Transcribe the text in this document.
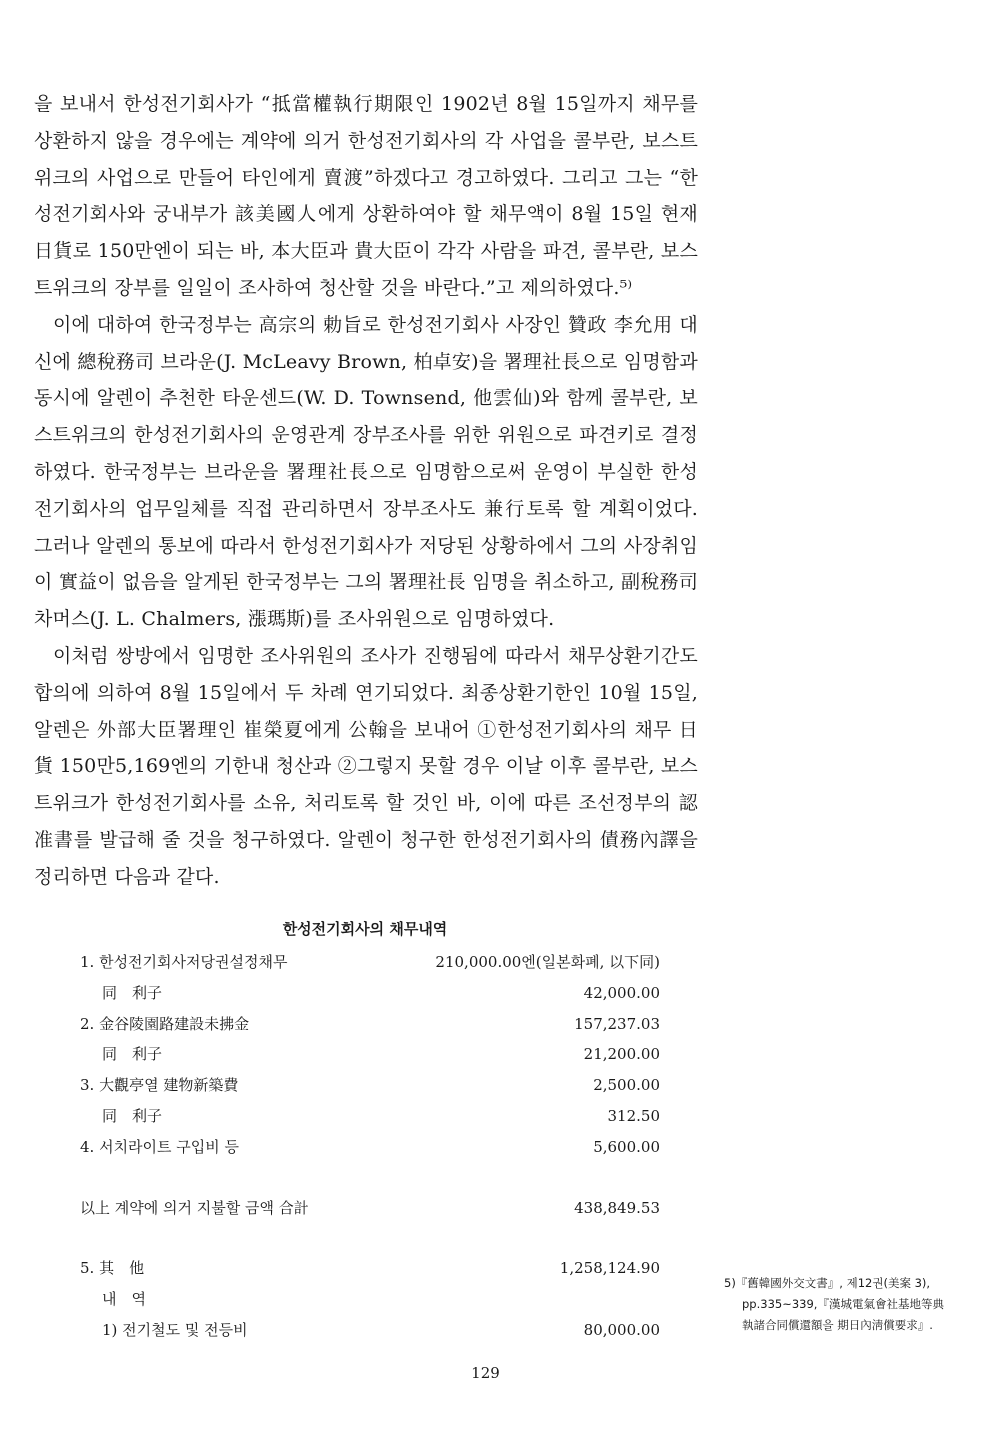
을 보내서 한성전기회사가 “抵當權執行期限인 1902년 8월 15일까지 채무를 상환하지 않을 경우에는 계약에 의거 한성전기회사의 각 사업을 콜부란, 보스트위크의 사업으로 만들어 타인에게 賣渡”하겠다고 경고하였다. 그리고 그는 “한성전기회사와 궁내부가 該美國人에게 상환하여야 할 채무액이 8월 15일 현재 日貨로 150만엔이 되는 바, 本大臣과 貴大臣이 각각 사람을 파견, 콜부란, 보스트위크의 장부를 일일이 조사하여 청산할 것을 바란다.”고 제의하였다.⁵⁾

이에 대하여 한국정부는 高宗의 勅旨로 한성전기회사 사장인 贊政 李允用 대신에 總稅務司 브라운(J. McLeavy Brown, 柏卓安)을 署理社長으로 임명함과 동시에 알렌이 추천한 타운센드(W. D. Townsend, 他雲仙)와 함께 콜부란, 보스트위크의 한성전기회사의 운영관계 장부조사를 위한 위원으로 파견키로 결정하였다. 한국정부는 브라운을 署理社長으로 임명함으로써 운영이 부실한 한성전기회사의 업무일체를 직접 관리하면서 장부조사도 兼行토록 할 계획이었다. 그러나 알렌의 통보에 따라서 한성전기회사가 저당된 상황하에서 그의 사장취임이 實益이 없음을 알게된 한국정부는 그의 署理社長 임명을 취소하고, 副稅務司 차머스(J. L. Chalmers, 漲瑪斯)를 조사위원으로 임명하였다.

이처럼 쌍방에서 임명한 조사위원의 조사가 진행됨에 따라서 채무상환기간도 합의에 의하여 8월 15일에서 두 차례 연기되었다. 최종상환기한인 10월 15일, 알렌은 外部大臣署理인 崔榮夏에게 公翰을 보내어 ①한성전기회사의 채무 日貨 150만5,169엔의 기한내 청산과 ②그렇지 못할 경우 이날 이후 콜부란, 보스트위크가 한성전기회사를 소유, 처리토록 할 것인 바, 이에 따른 조선정부의 認准書를 발급해 줄 것을 청구하였다. 알렌이 청구한 한성전기회사의 債務內譯을 정리하면 다음과 같다.

한성전기회사의 채무내역
1. 한성전기회사저당권설정채무	210,000.00엔(일본화폐, 以下同)
同　利子	42,000.00
2. 金谷陵園路建設未拂金	157,237.03
同　利子	21,200.00
3. 大觀亭열 建物新築費	2,500.00
同　利子	312.50
4. 서치라이트 구입비 등	5,600.00
以上 계약에 의거 지불할 금액 合計	438,849.53
5. 其　他	1,258,124.90
내　역
1) 전기철도 및 전등비	80,000.00
5)『舊韓國外交文書』, 제12권(美案 3),
pp.335~339,『漢城電氣會社基地等典
執諸合同償還額을 期日內淸償要求』.
129
